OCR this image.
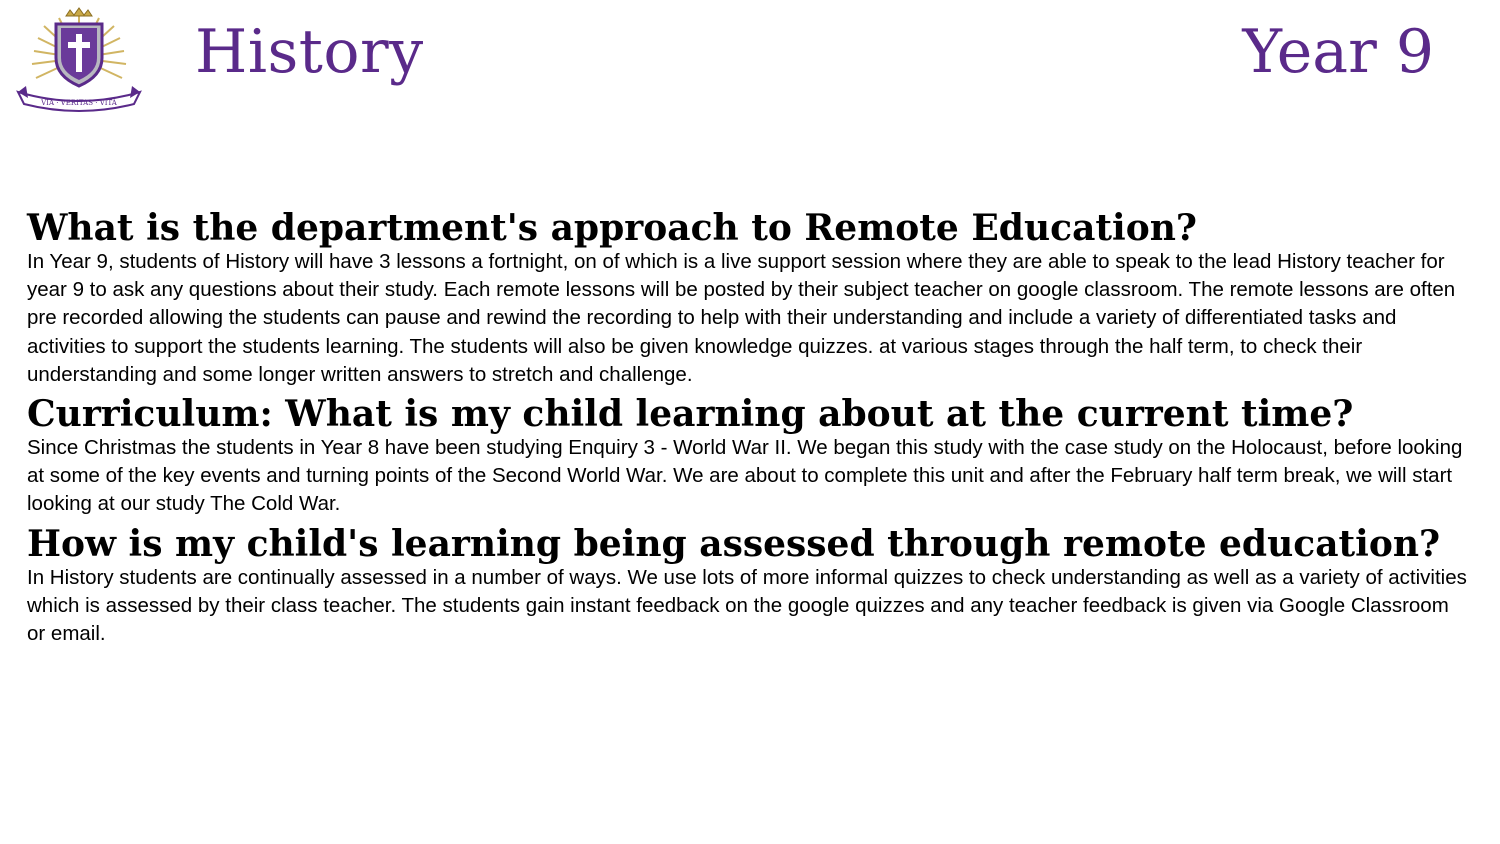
VIA · VERITAS · VITA
History	Year 9
What is the department's approach to Remote Education?

In Year 9, students of History will have 3 lessons a fortnight, on of which is a live support session where they are able to speak to the lead History teacher for year 9 to ask any questions about their study. Each remote lessons will be posted by their subject teacher on google classroom. The remote lessons are often pre recorded allowing the students can pause and rewind the recording to help with their understanding and include a variety of differentiated tasks and activities to support the students learning. The students will also be given knowledge quizzes. at various stages through the half term, to check their understanding and some longer written answers to stretch and challenge.

Curriculum: What is my child learning about at the current time?

Since Christmas the students in Year 8 have been studying Enquiry 3 - World War II. We began this study with the case study on the Holocaust, before looking at some of the key events and turning points of the Second World War. We are about to complete this unit and after the February half term break, we will start looking at our study The Cold War.

How is my child's learning being assessed through remote education?

In History students are continually assessed in a number of ways. We use lots of more informal quizzes to check understanding as well as a variety of activities which is assessed by their class teacher. The students gain instant feedback on the google quizzes and any teacher feedback is given via Google Classroom or email.
